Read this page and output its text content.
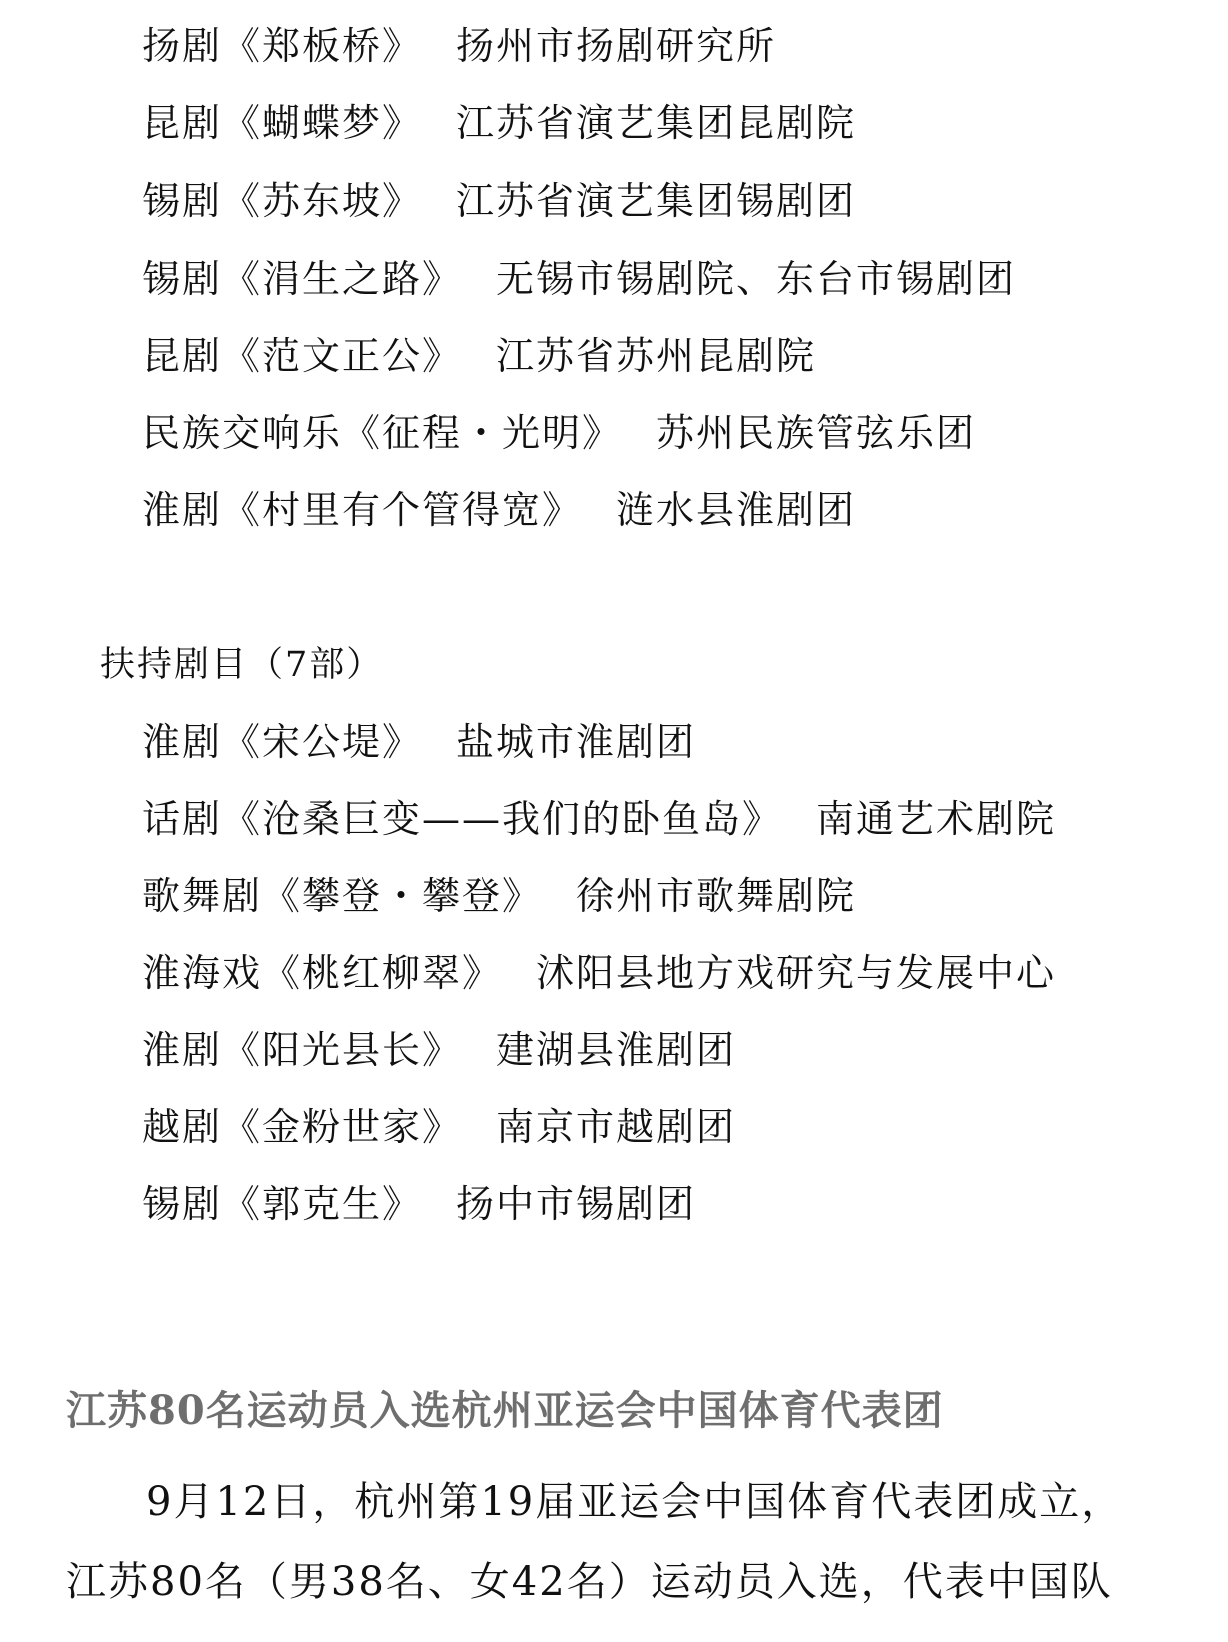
扬剧《郑板桥》 扬州市扬剧研究所
昆剧《蝴蝶梦》 江苏省演艺集团昆剧院
锡剧《苏东坡》 江苏省演艺集团锡剧团
锡剧《涓生之路》 无锡市锡剧院、东台市锡剧团
昆剧《范文正公》 江苏省苏州昆剧院
民族交响乐《征程・光明》 苏州民族管弦乐团
淮剧《村里有个管得宽》 涟水县淮剧团
扶持剧目（7部）
淮剧《宋公堤》 盐城市淮剧团
话剧《沧桑巨变——我们的卧鱼岛》 南通艺术剧院
歌舞剧《攀登・攀登》 徐州市歌舞剧院
淮海戏《桃红柳翠》 沭阳县地方戏研究与发展中心
淮剧《阳光县长》 建湖县淮剧团
越剧《金粉世家》 南京市越剧团
锡剧《郭克生》 扬中市锡剧团
江苏80名运动员入选杭州亚运会中国体育代表团
9月12日，杭州第19届亚运会中国体育代表团成立，
江苏80名（男38名、女42名）运动员入选，代表中国队
